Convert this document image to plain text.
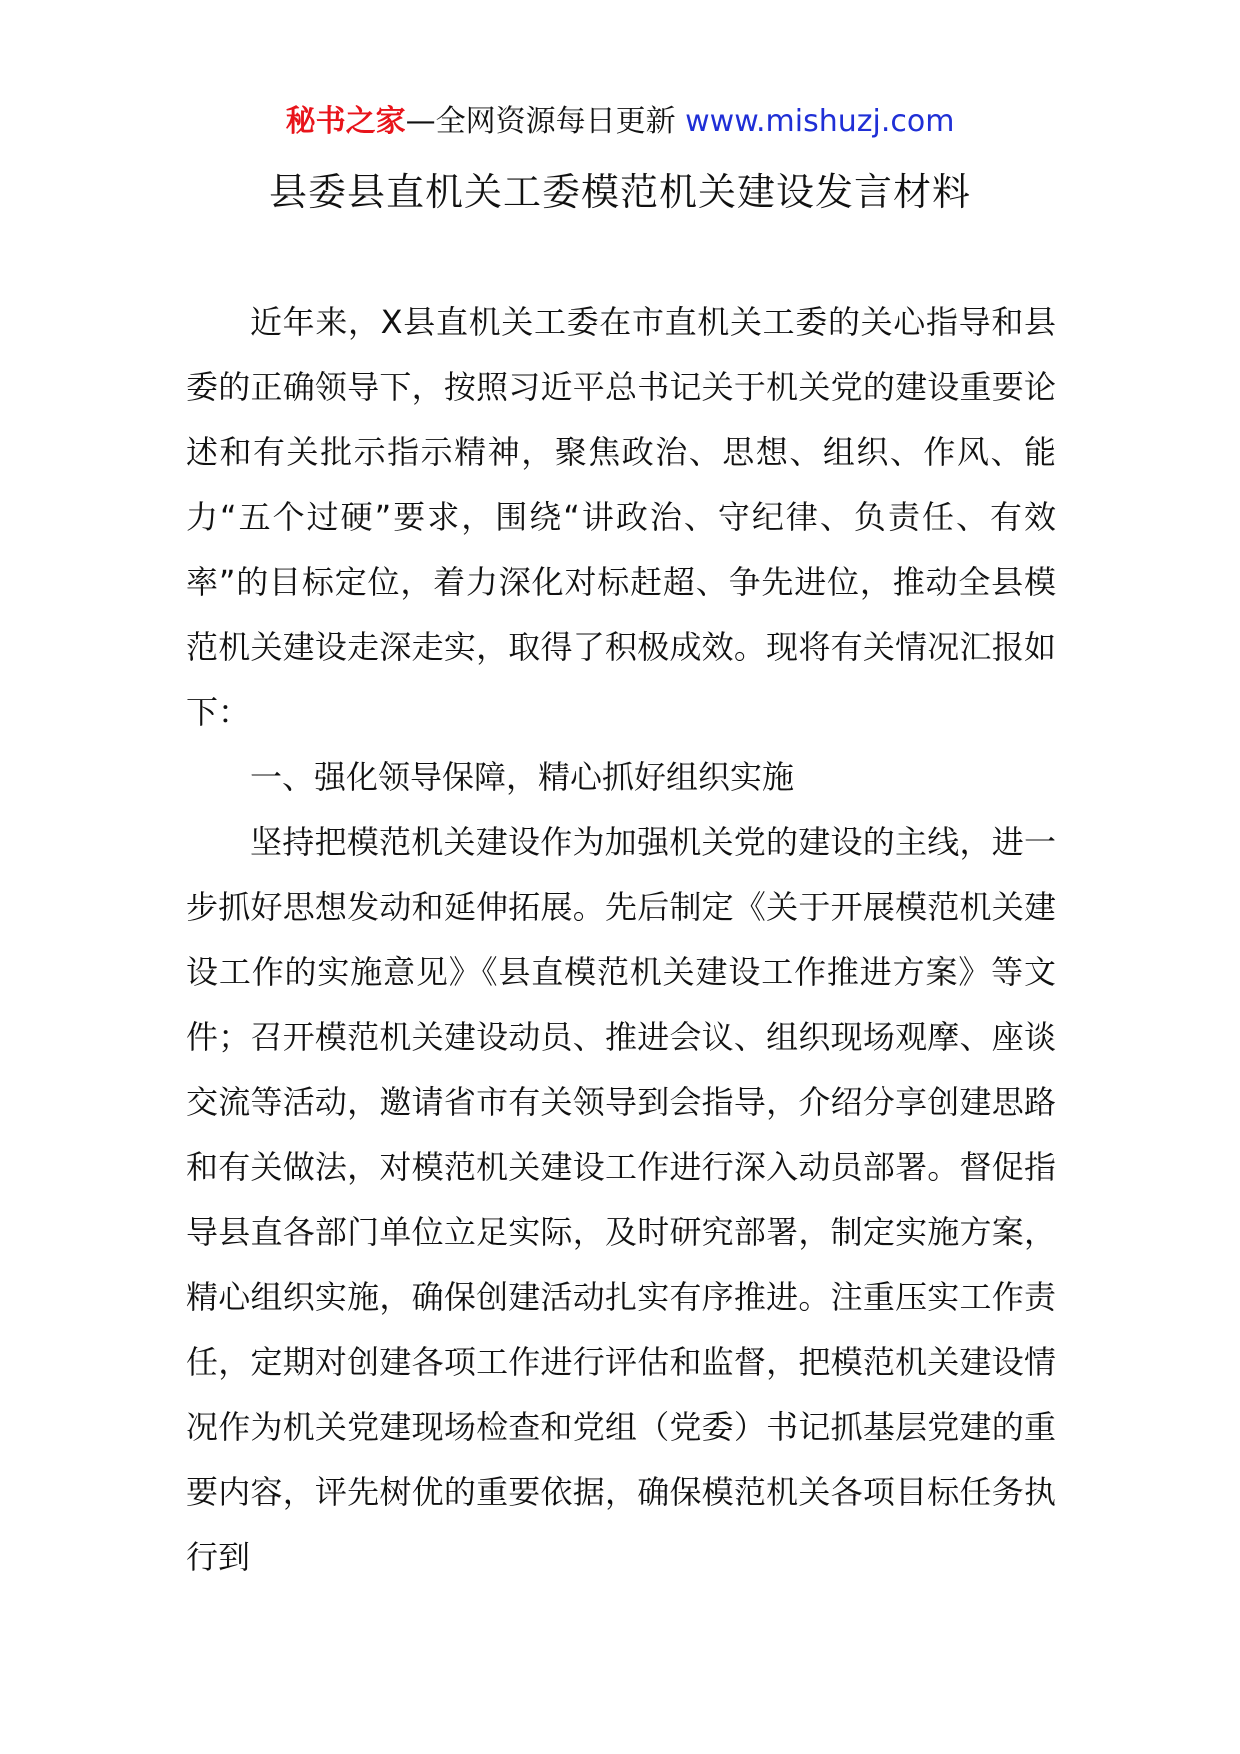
秘书之家—全网资源每日更新 www.mishuzj.com
县委县直机关工委模范机关建设发言材料

近年来，X县直机关工委在市直机关工委的关心指导和县委的正确领导下，按照习近平总书记关于机关党的建设重要论述和有关批示指示精神，聚焦政治、思想、组织、作风、能力“五个过硬”要求，围绕“讲政治、守纪律、负责任、有效率”的目标定位，着力深化对标赶超、争先进位，推动全县模范机关建设走深走实，取得了积极成效。现将有关情况汇报如下：

一、强化领导保障，精心抓好组织实施

坚持把模范机关建设作为加强机关党的建设的主线，进一步抓好思想发动和延伸拓展。先后制定《关于开展模范机关建设工作的实施意见》《县直模范机关建设工作推进方案》等文件；召开模范机关建设动员、推进会议、组织现场观摩、座谈交流等活动，邀请省市有关领导到会指导，介绍分享创建思路和有关做法，对模范机关建设工作进行深入动员部署。督促指导县直各部门单位立足实际，及时研究部署，制定实施方案，精心组织实施，确保创建活动扎实有序推进。注重压实工作责任，定期对创建各项工作进行评估和监督，把模范机关建设情况作为机关党建现场检查和党组（党委）书记抓基层党建的重要内容，评先树优的重要依据，确保模范机关各项目标任务执行到
